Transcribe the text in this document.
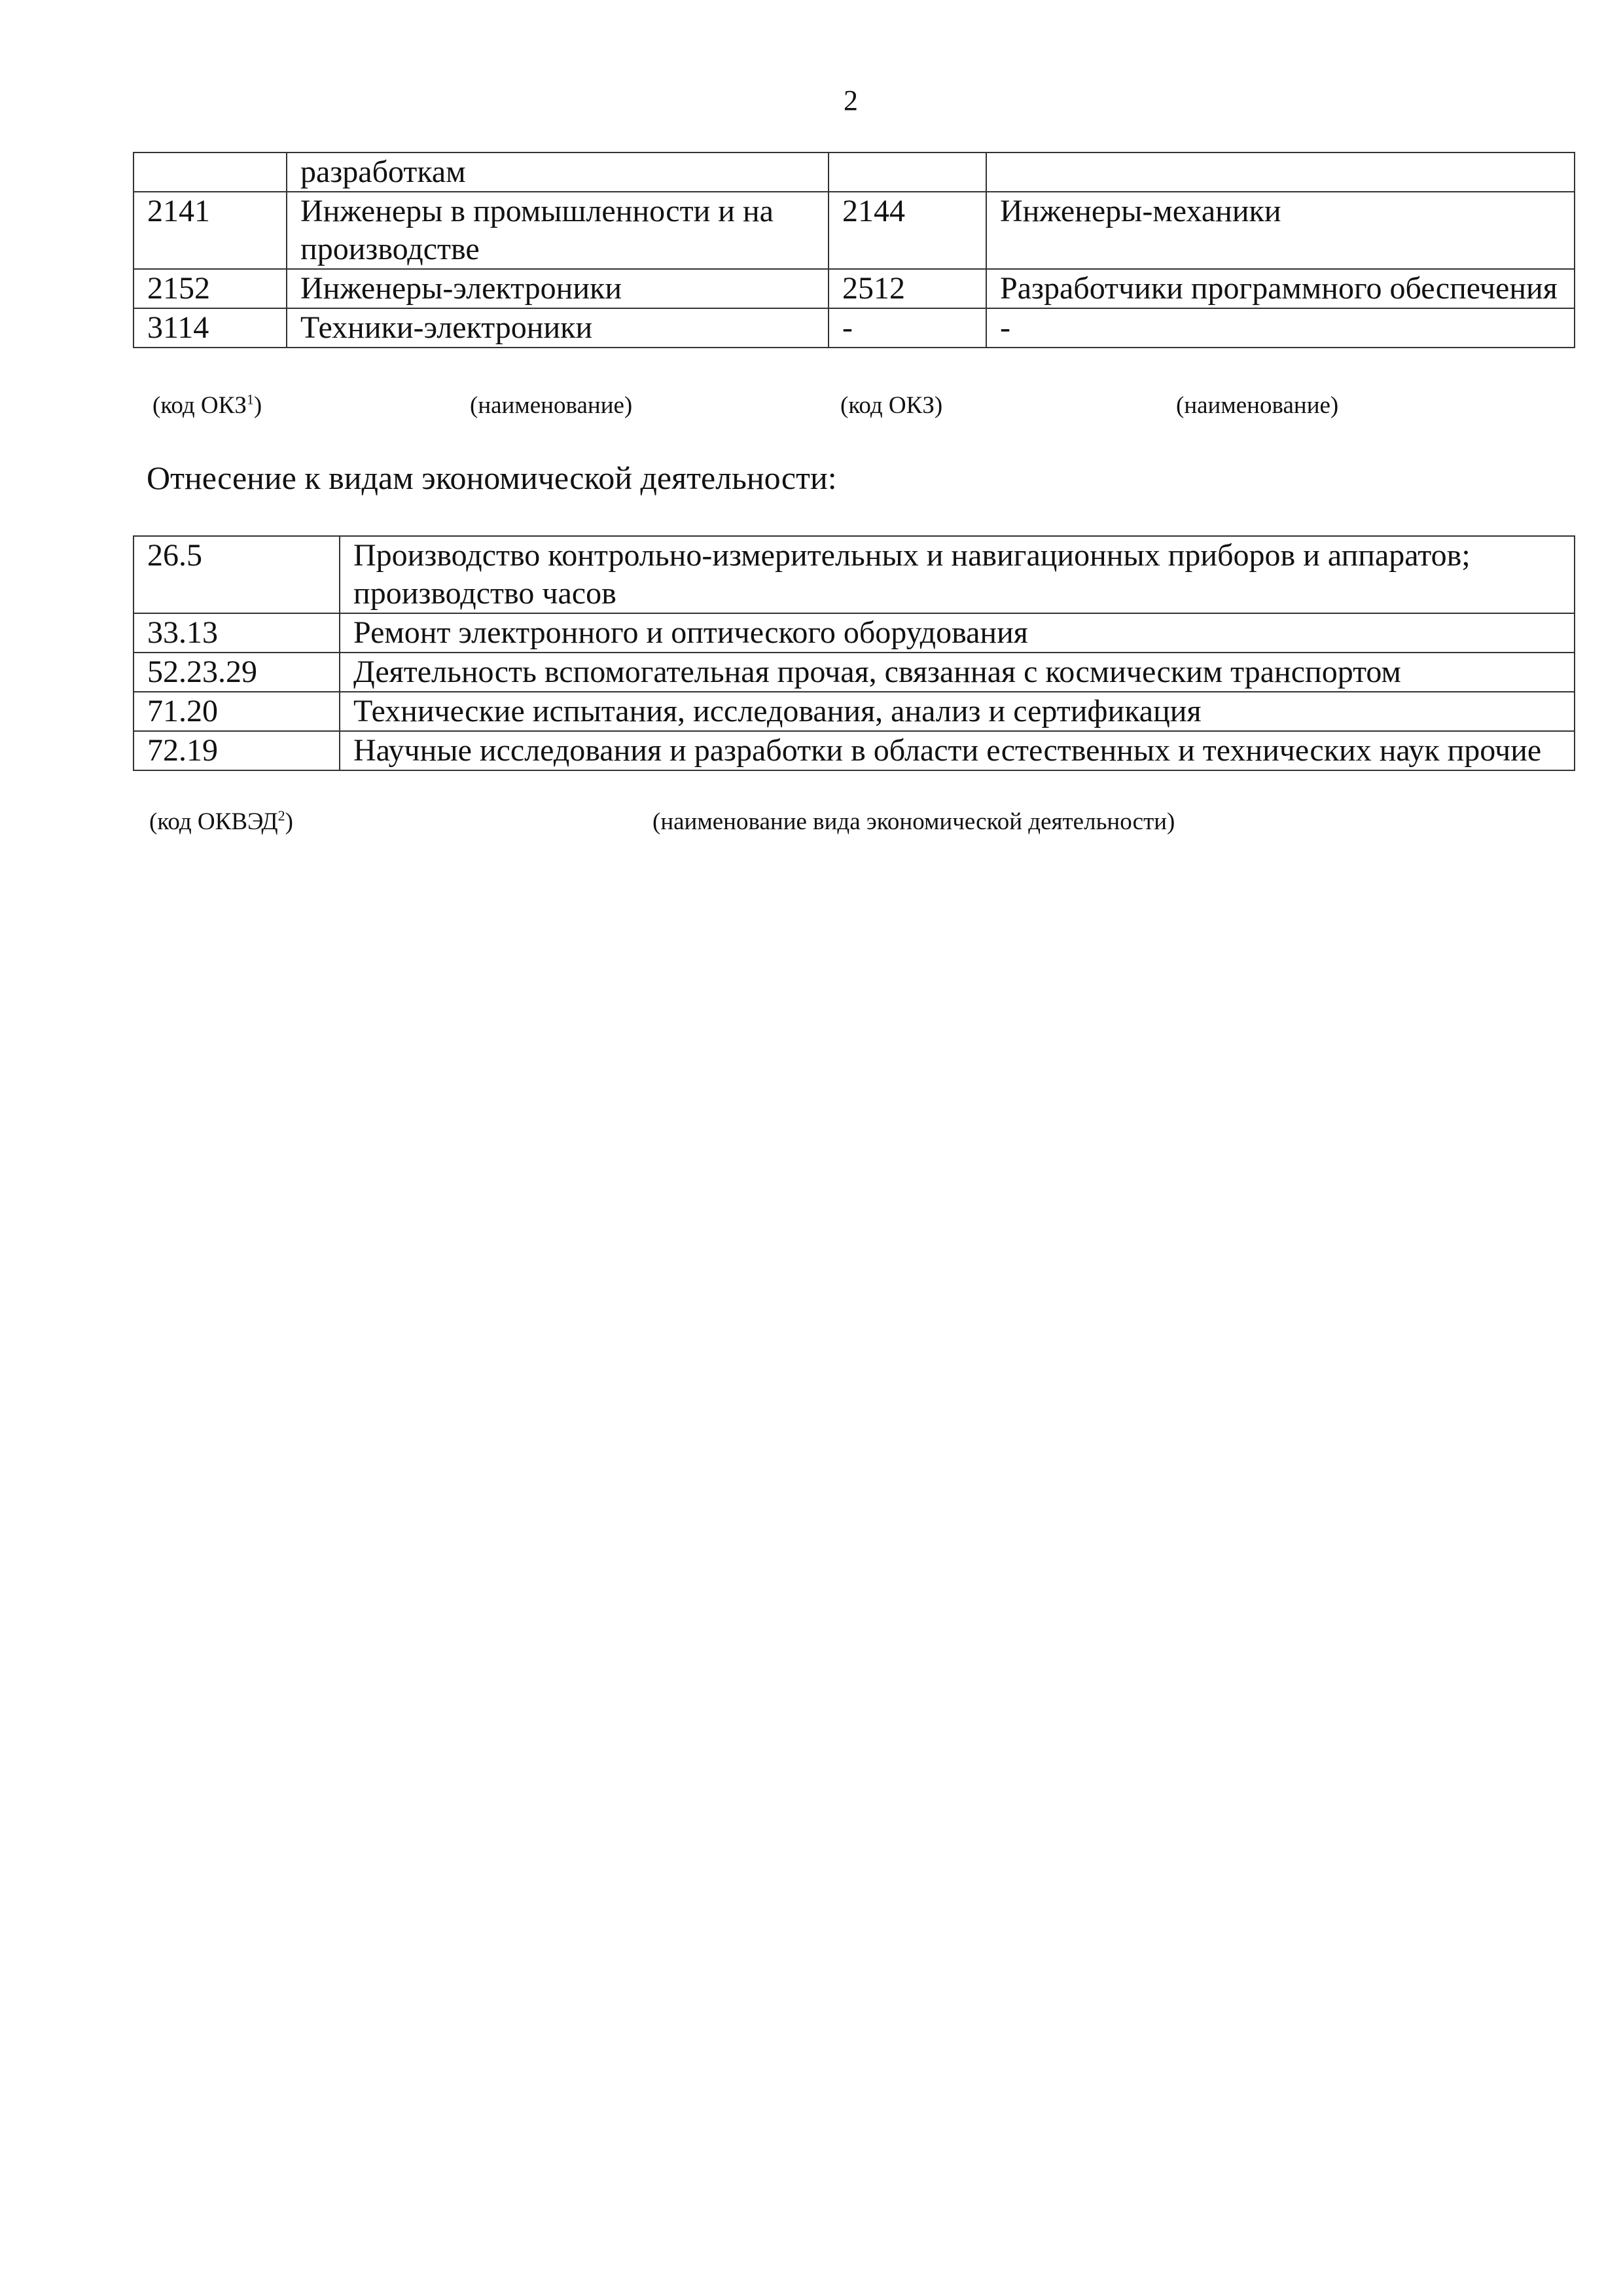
2
	разработкам		
2141	Инженеры в промышленности и на производстве	2144	Инженеры-механики
2152	Инженеры-электроники	2512	Разработчики программного обеспечения
3114	Техники-электроники	-	-
(код ОКЗ$^1$)	(наименование)	(код ОКЗ)	(наименование)
Отнесение к видам экономической деятельности:
26.5	Производство контрольно-измерительных и навигационных приборов и аппаратов; производство часов
33.13	Ремонт электронного и оптического оборудования
52.23.29	Деятельность вспомогательная прочая, связанная с космическим транспортом
71.20	Технические испытания, исследования, анализ и сертификация
72.19	Научные исследования и разработки в области естественных и технических наук прочие
(код ОКВЭД$^2$)	(наименование вида экономической деятельности)
